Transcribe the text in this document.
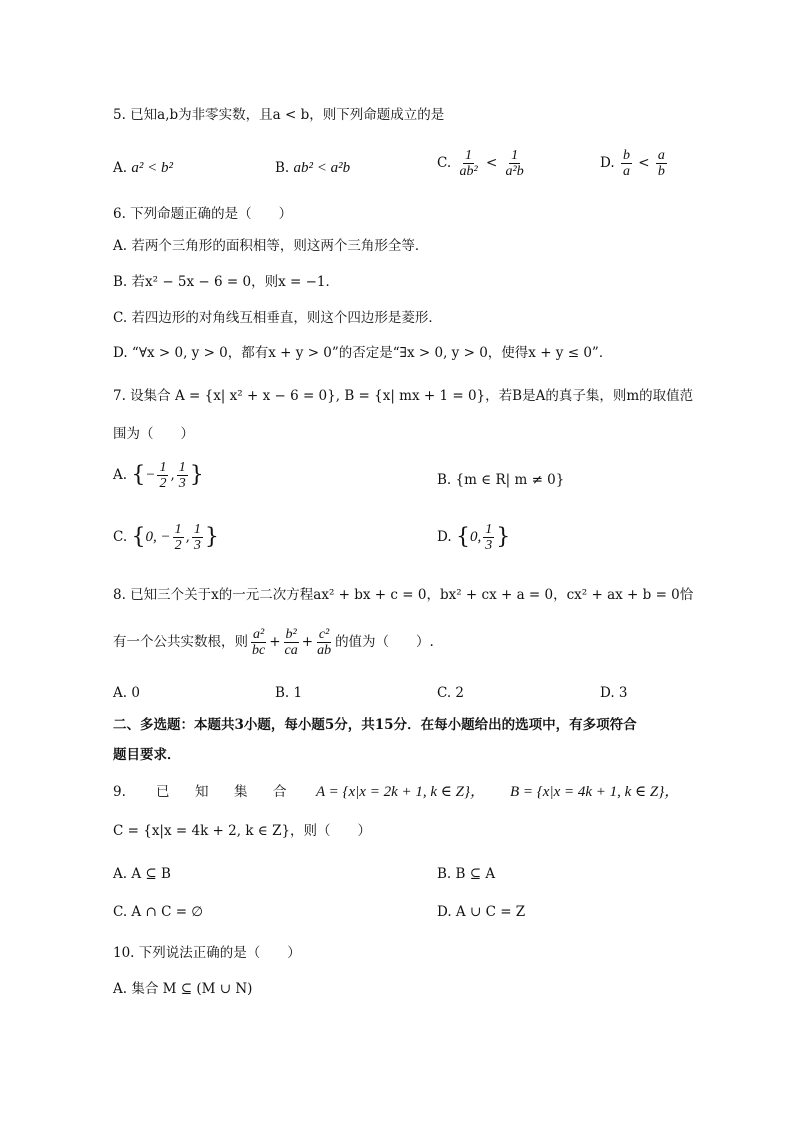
5. 已知a,b为非零实数，且a < b，则下列命题成立的是
A. a² < b²	B. ab² < a²b	C. $\frac{1}{\text{ab²}} < \frac{1}{\text{a²b}}$	D. $\frac{b}{a} < \frac{a}{b}$
6. 下列命题正确的是（　　）
A. 若两个三角形的面积相等，则这两个三角形全等．
B. 若x² − 5x − 6 = 0，则x = −1．
C. 若四边形的对角线互相垂直，则这个四边形是菱形．
D. “∀x > 0, y > 0，都有x + y > 0”的否定是“∃x > 0, y > 0，使得x + y ≤ 0”．
7. 设集合 A = {x| x² + x − 6 = 0}, B = {x| mx + 1 = 0}，若B是A的真子集，则m的取值范
围为（　　）
A. {− $\frac{1}{2}$ , $\frac{1}{3}$ }	B. {m ∈ R| m ≠ 0}
C. {0, − $\frac{1}{2}$ , $\frac{1}{3}$ }	D. {0, $\frac{1}{3}$ }
8. 已知三个关于x的一元二次方程ax² + bx + c = 0，bx² + cx + a = 0，cx² + ax + b = 0恰
有一个公共实数根，则 $\frac{\text{a²}}{bc} + \frac{\text{b²}}{ca} + \frac{\text{c²}}{ab}$ 的值为（　　）.
A. 0	B. 1	C. 2	D. 3
二、多选题：本题共3小题，每小题5分，共15分．在每小题给出的选项中，有多项符合
题目要求．
9. 已 知 集 合 A = {x|x = 2k + 1, k ∈ Z}， B = {x|x = 4k + 1, k ∈ Z}，
C = {x|x = 4k + 2, k ∈ Z}，则（　　）
A. A ⊆ B	B. B ⊆ A
C. A ∩ C = ∅	D. A ∪ C = Z
10. 下列说法正确的是（　　）
A. 集合 M ⊆ (M ∪ N)
